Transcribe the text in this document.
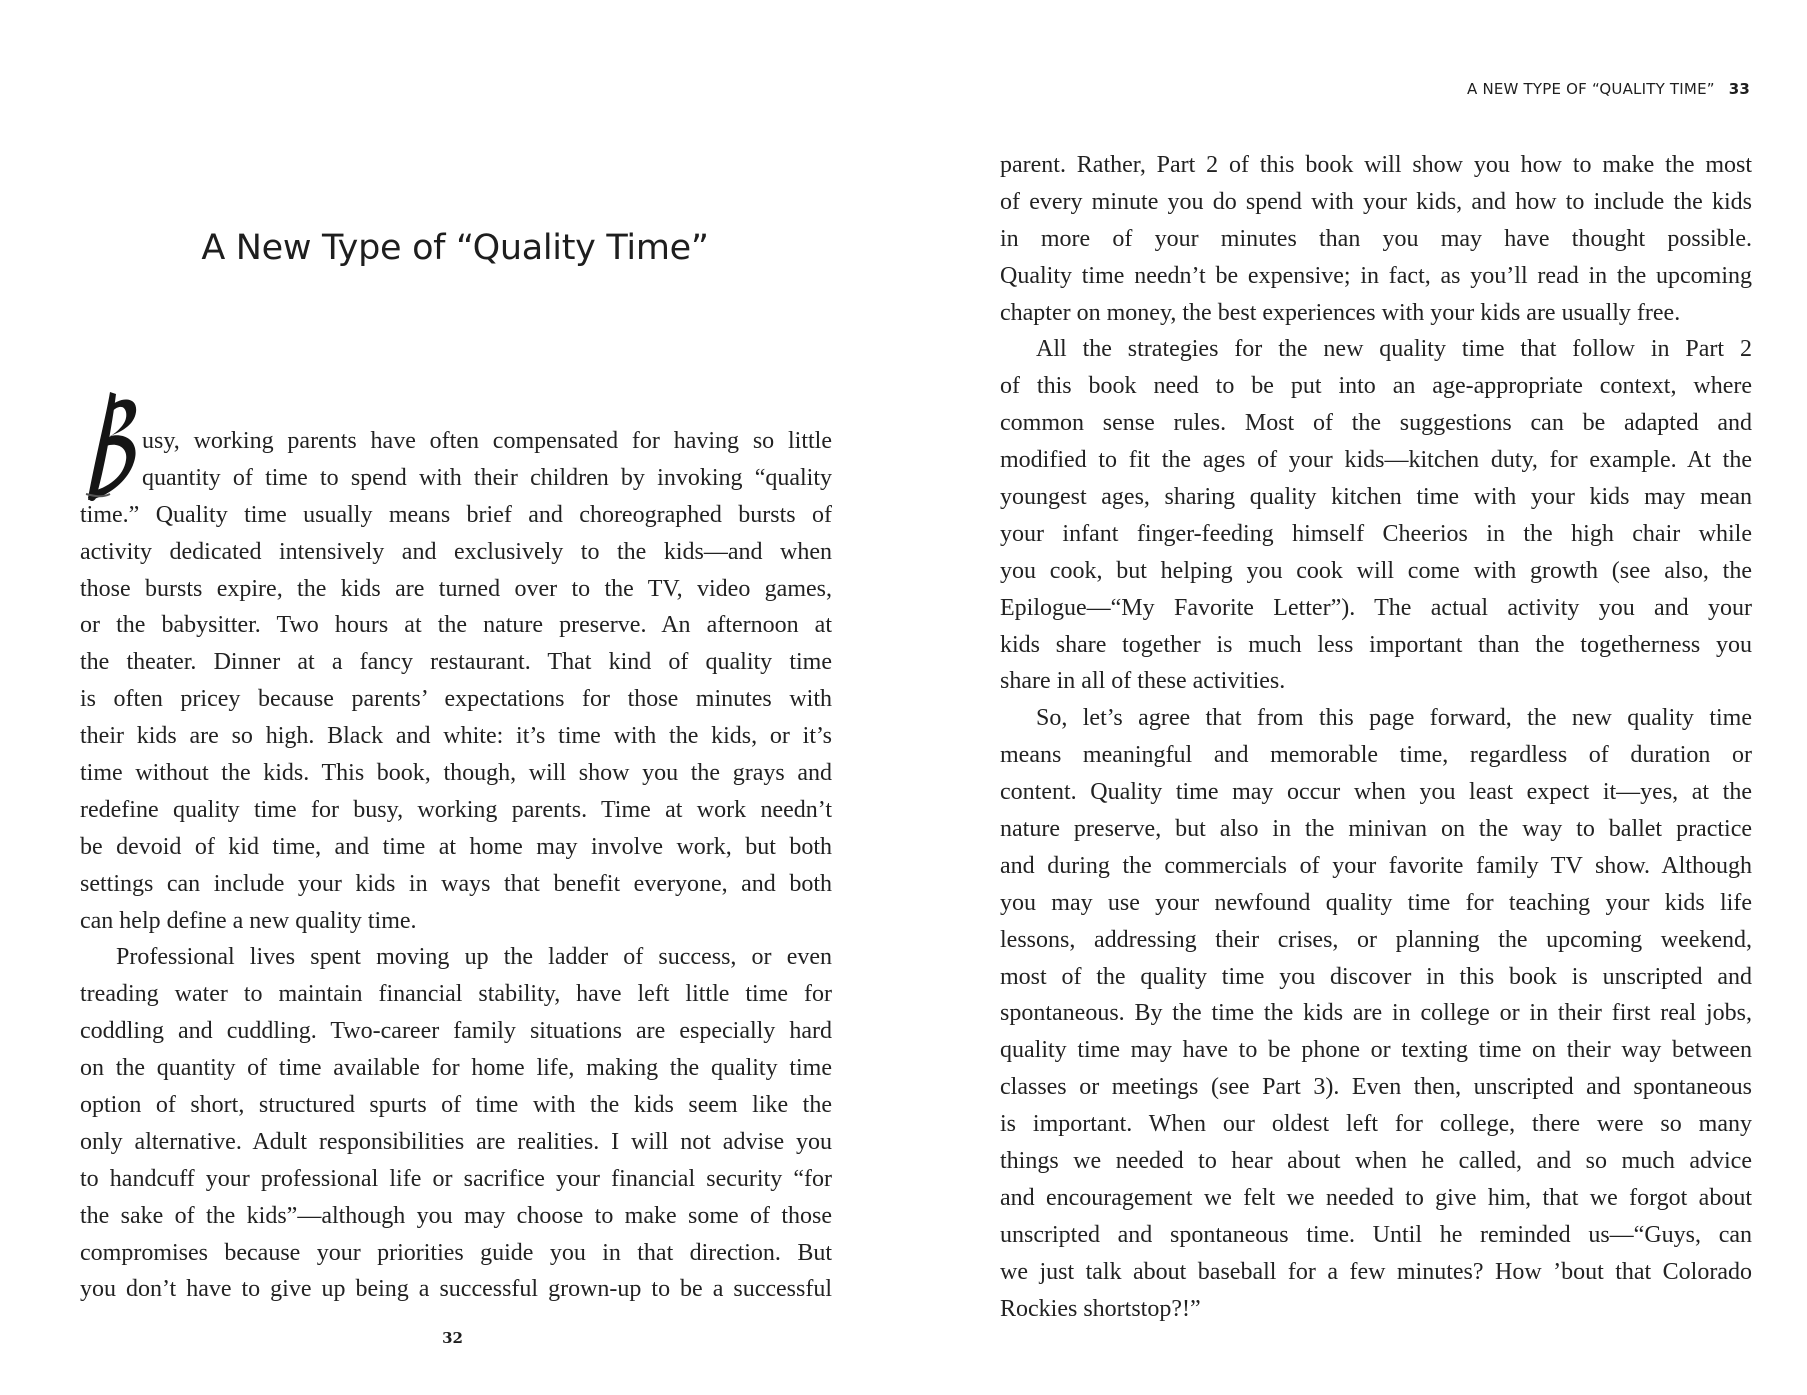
A New Type of “Quality Time”
usy, working parents have often compensated for having so little
quantity of time to spend with their children by invoking “quality
time.” Quality time usually means brief and choreographed bursts of
activity dedicated intensively and exclusively to the kids—and when
those bursts expire, the kids are turned over to the TV, video games,
or the babysitter. Two hours at the nature preserve. An afternoon at
the theater. Dinner at a fancy restaurant. That kind of quality time
is often pricey because parents’ expectations for those minutes with
their kids are so high. Black and white: it’s time with the kids, or it’s
time without the kids. This book, though, will show you the grays and
redefine quality time for busy, working parents. Time at work needn’t
be devoid of kid time, and time at home may involve work, but both
settings can include your kids in ways that benefit everyone, and both
can help define a new quality time.
Professional lives spent moving up the ladder of success, or even
treading water to maintain financial stability, have left little time for
coddling and cuddling. Two-career family situations are especially hard
on the quantity of time available for home life, making the quality time
option of short, structured spurts of time with the kids seem like the
only alternative. Adult responsibilities are realities. I will not advise you
to handcuff your professional life or sacrifice your financial security “for
the sake of the kids”—although you may choose to make some of those
compromises because your priorities guide you in that direction. But
you don’t have to give up being a successful grown-up to be a successful
32
A NEW TYPE OF “QUALITY TIME” 33
parent. Rather, Part 2 of this book will show you how to make the most
of every minute you do spend with your kids, and how to include the kids
in more of your minutes than you may have thought possible.
Quality time needn’t be expensive; in fact, as you’ll read in the upcoming
chapter on money, the best experiences with your kids are usually free.
All the strategies for the new quality time that follow in Part 2
of this book need to be put into an age-appropriate context, where
common sense rules. Most of the suggestions can be adapted and
modified to fit the ages of your kids—kitchen duty, for example. At the
youngest ages, sharing quality kitchen time with your kids may mean
your infant finger-feeding himself Cheerios in the high chair while
you cook, but helping you cook will come with growth (see also, the
Epilogue—“My Favorite Letter”). The actual activity you and your
kids share together is much less important than the togetherness you
share in all of these activities.
So, let’s agree that from this page forward, the new quality time
means meaningful and memorable time, regardless of duration or
content. Quality time may occur when you least expect it—yes, at the
nature preserve, but also in the minivan on the way to ballet practice
and during the commercials of your favorite family TV show. Although
you may use your newfound quality time for teaching your kids life
lessons, addressing their crises, or planning the upcoming weekend,
most of the quality time you discover in this book is unscripted and
spontaneous. By the time the kids are in college or in their first real jobs,
quality time may have to be phone or texting time on their way between
classes or meetings (see Part 3). Even then, unscripted and spontaneous
is important. When our oldest left for college, there were so many
things we needed to hear about when he called, and so much advice
and encouragement we felt we needed to give him, that we forgot about
unscripted and spontaneous time. Until he reminded us—“Guys, can
we just talk about baseball for a few minutes? How ’bout that Colorado
Rockies shortstop?!”
